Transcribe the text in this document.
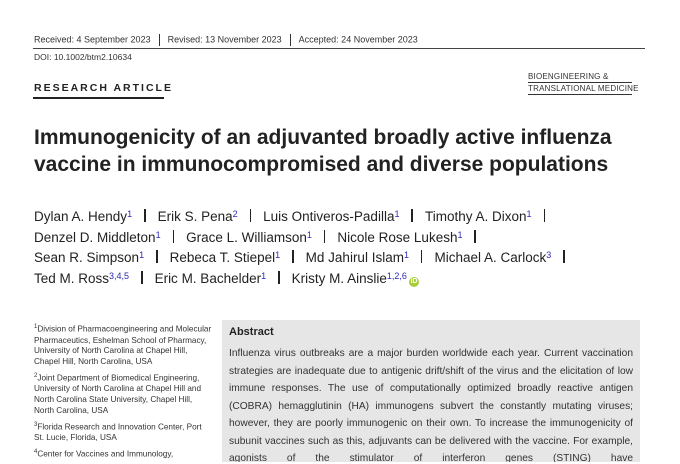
Received: 4 September 2023 Revised: 13 November 2023 Accepted: 24 November 2023
DOI: 10.1002/btm2.10634
RESEARCH ARTICLE
BIOENGINEERING &
TRANSLATIONAL MEDICINE
Immunogenicity of an adjuvanted broadly active influenza
vaccine in immunocompromised and diverse populations
Dylan A. Hendy$^1$ Erik S. Pena$^2$ Luis Ontiveros-Padilla$^1$ Timothy A. Dixon$^1$
Denzel D. Middleton$^1$ Grace L. Williamson$^1$ Nicole Rose Lukesh$^1$
Sean R. Simpson$^1$ Rebeca T. Stiepel$^1$ Md Jahirul Islam$^1$ Michael A. Carlock$^3$
Ted M. Ross$^{3,4,5}$ Eric M. Bachelder$^1$ Kristy M. Ainslie$^{1,2,6}$iD

$^1$Division of Pharmacoengineering and Molecular Pharmaceutics, Eshelman School of Pharmacy, University of North Carolina at Chapel Hill, Chapel Hill, North Carolina, USA

$^2$Joint Department of Biomedical Engineering, University of North Carolina at Chapel Hill and North Carolina State University, Chapel Hill, North Carolina, USA

$^3$Florida Research and Innovation Center, Port St. Lucie, Florida, USA

$^4$Center for Vaccines and Immunology,

Abstract
Influenza virus outbreaks are a major burden worldwide each year. Current vaccination strategies are inadequate due to antigenic drift/shift of the virus and the elicitation of low immune responses. The use of computationally optimized broadly reactive antigen (COBRA) hemagglutinin (HA) immunogens subvert the constantly mutating viruses; however, they are poorly immunogenic on their own. To increase the immunogenicity of subunit vaccines such as this, adjuvants can be delivered with the vaccine. For example, agonists of the stimulator of interferon genes (STING) have
